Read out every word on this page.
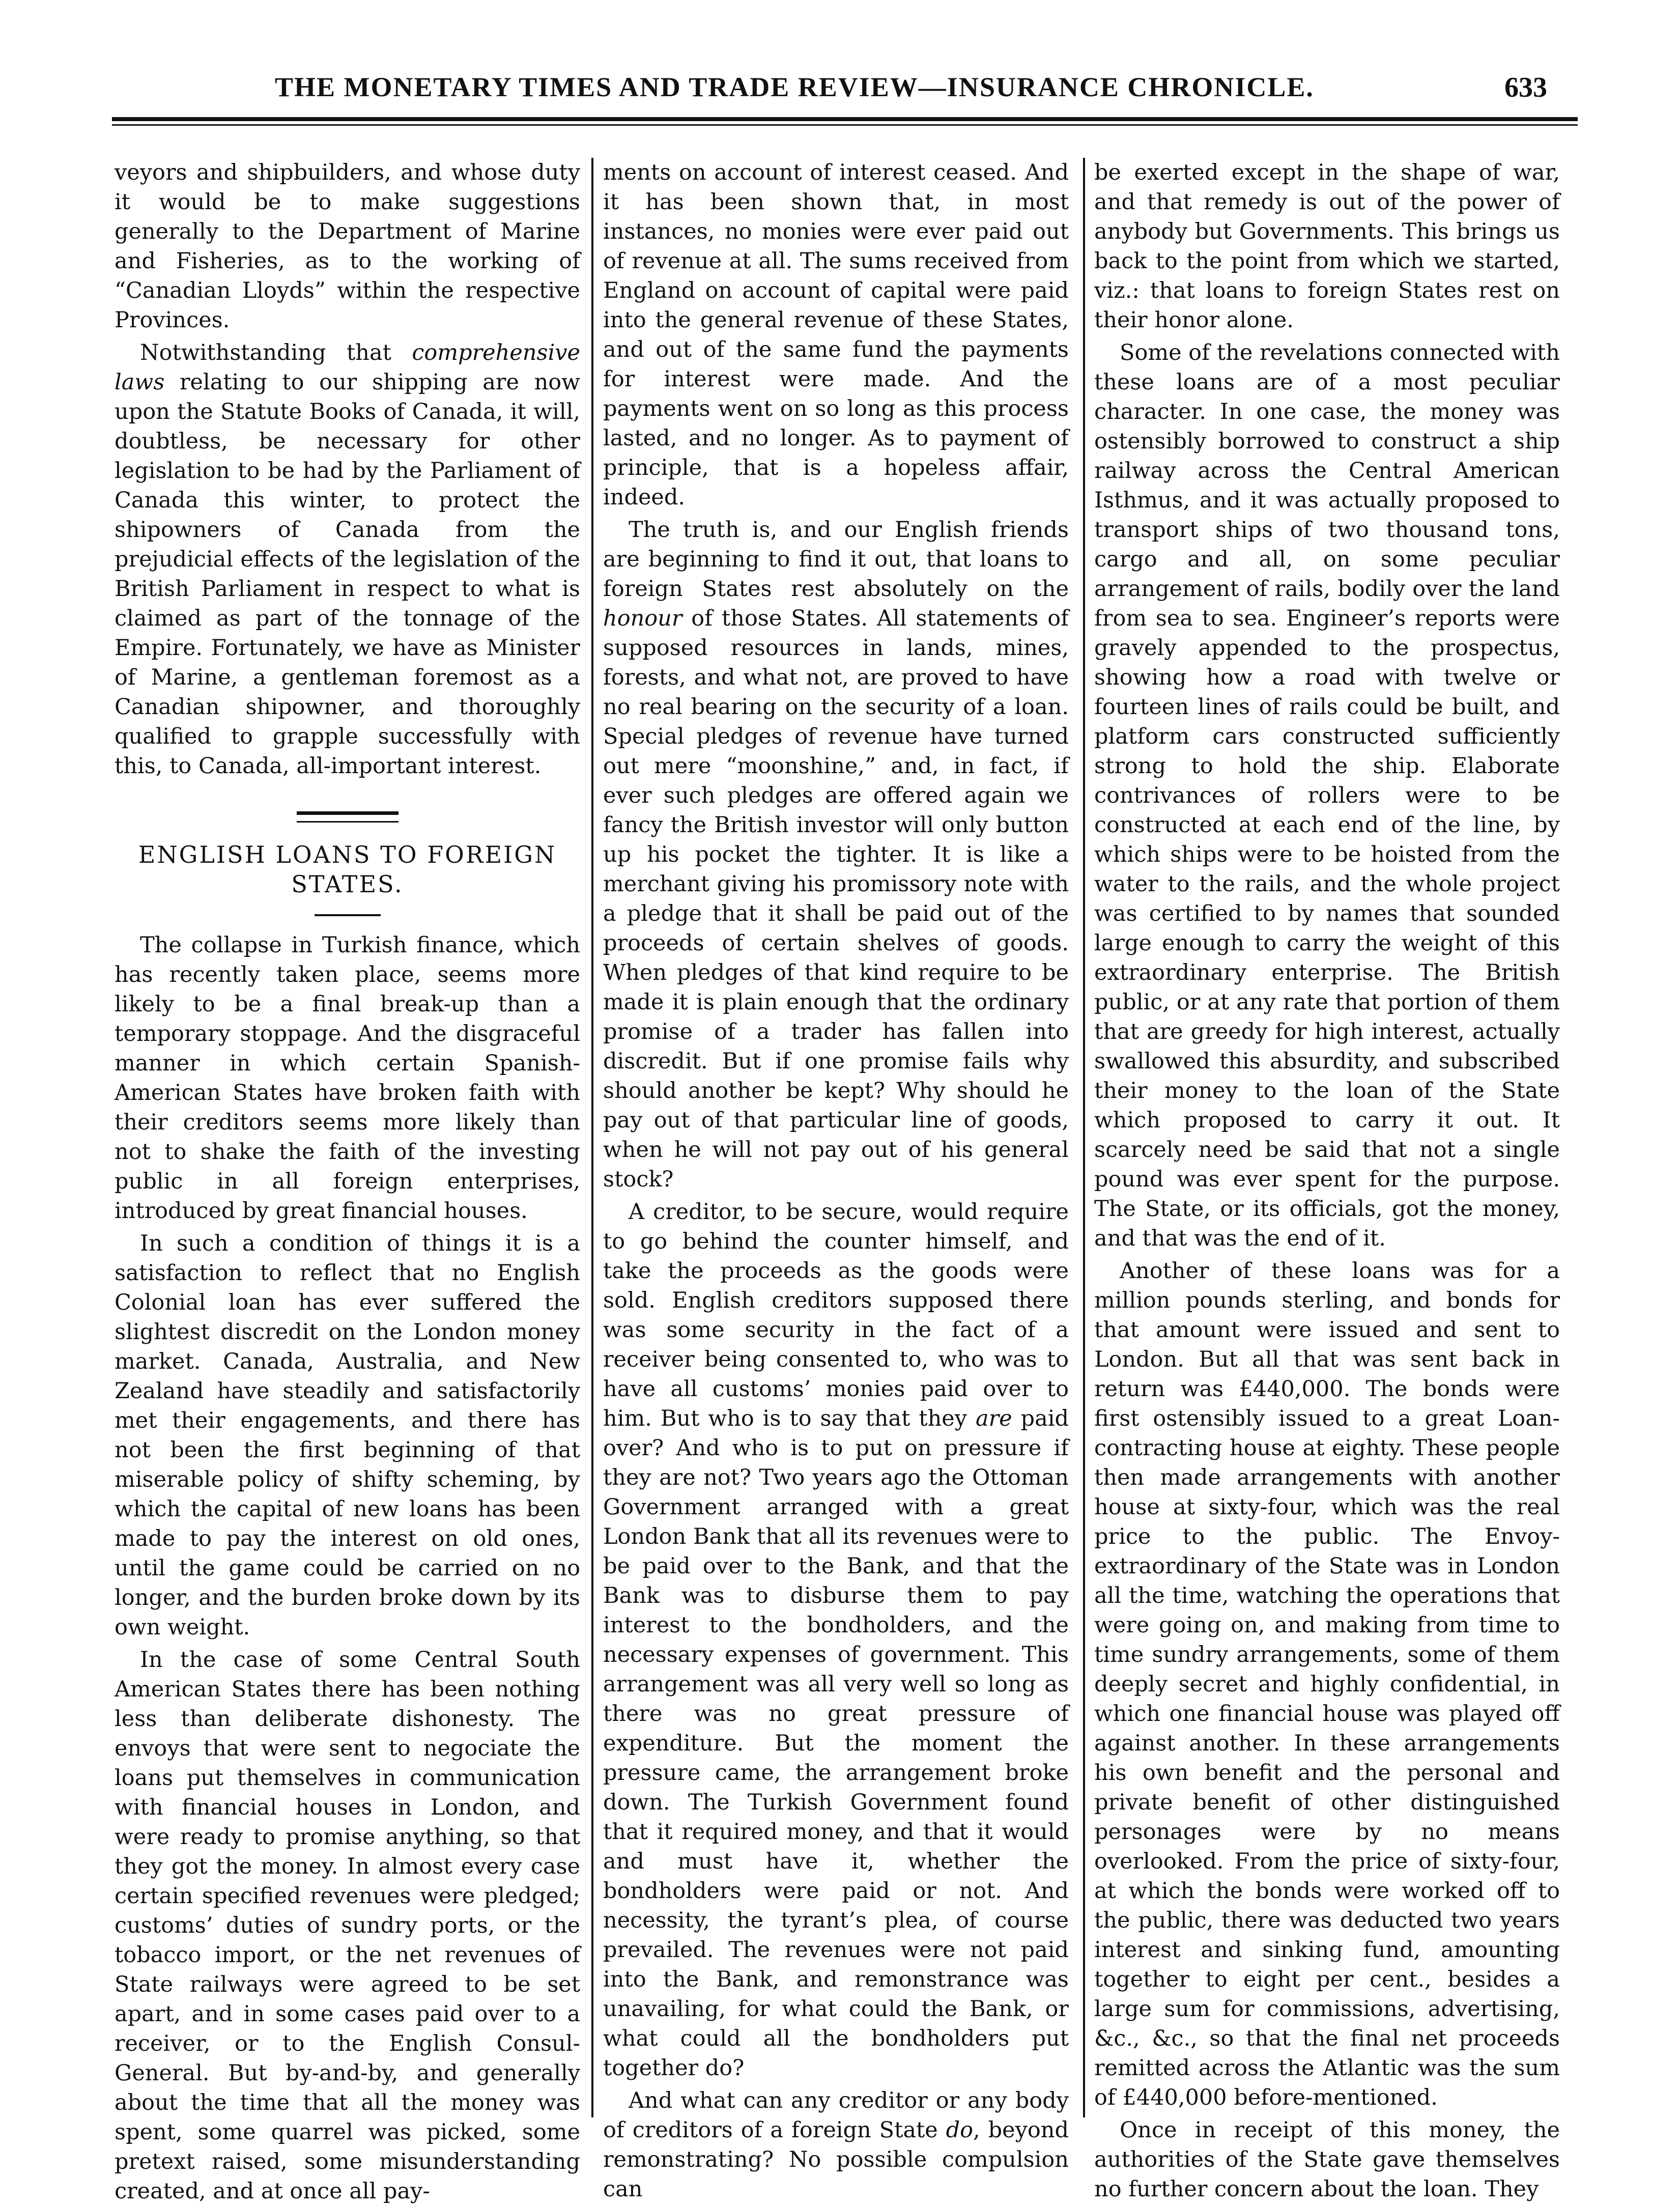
THE MONETARY TIMES AND TRADE REVIEW—INSURANCE CHRONICLE.	633

veyors and shipbuilders, and whose duty it would be to make suggestions generally to the Department of Marine and Fisheries, as to the working of “Canadian Lloyds” within the respective Provinces.

Notwithstanding that comprehensive laws relating to our shipping are now upon the Statute Books of Canada, it will, doubtless, be necessary for other legislation to be had by the Parliament of Canada this winter, to protect the shipowners of Canada from the prejudicial effects of the legislation of the British Parliament in respect to what is claimed as part of the tonnage of the Empire. Fortunately, we have as Minister of Marine, a gentleman foremost as a Canadian shipowner, and thoroughly qualified to grapple successfully with this, to Canada, all-important interest.

ENGLISH LOANS TO FOREIGN STATES.

The collapse in Turkish finance, which has recently taken place, seems more likely to be a final break-up than a temporary stoppage. And the disgraceful manner in which certain Spanish-American States have broken faith with their creditors seems more likely than not to shake the faith of the investing public in all foreign enterprises, introduced by great financial houses.

In such a condition of things it is a satisfaction to reflect that no English Colonial loan has ever suffered the slightest discredit on the London money market. Canada, Australia, and New Zealand have steadily and satisfactorily met their engagements, and there has not been the first beginning of that miserable policy of shifty scheming, by which the capital of new loans has been made to pay the interest on old ones, until the game could be carried on no longer, and the burden broke down by its own weight.

In the case of some Central South American States there has been nothing less than deliberate dishonesty. The envoys that were sent to negociate the loans put themselves in communication with financial houses in London, and were ready to promise anything, so that they got the money. In almost every case certain specified revenues were pledged; customs’ duties of sundry ports, or the tobacco import, or the net revenues of State railways were agreed to be set apart, and in some cases paid over to a receiver, or to the English Consul-General. But by-and-by, and generally about the time that all the money was spent, some quarrel was picked, some pretext raised, some misunderstanding created, and at once all pay-

ments on account of interest ceased. And it has been shown that, in most instances, no monies were ever paid out of revenue at all. The sums received from England on account of capital were paid into the general revenue of these States, and out of the same fund the payments for interest were made. And the payments went on so long as this process lasted, and no longer. As to payment of principle, that is a hopeless affair, indeed.

The truth is, and our English friends are beginning to find it out, that loans to foreign States rest absolutely on the honour of those States. All statements of supposed resources in lands, mines, forests, and what not, are proved to have no real bearing on the security of a loan. Special pledges of revenue have turned out mere “moonshine,” and, in fact, if ever such pledges are offered again we fancy the British investor will only button up his pocket the tighter. It is like a merchant giving his promissory note with a pledge that it shall be paid out of the proceeds of certain shelves of goods. When pledges of that kind require to be made it is plain enough that the ordinary promise of a trader has fallen into discredit. But if one promise fails why should another be kept? Why should he pay out of that particular line of goods, when he will not pay out of his general stock?

A creditor, to be secure, would require to go behind the counter himself, and take the proceeds as the goods were sold. English creditors supposed there was some security in the fact of a receiver being consented to, who was to have all customs’ monies paid over to him. But who is to say that they are paid over? And who is to put on pressure if they are not? Two years ago the Ottoman Government arranged with a great London Bank that all its revenues were to be paid over to the Bank, and that the Bank was to disburse them to pay interest to the bondholders, and the necessary expenses of government. This arrangement was all very well so long as there was no great pressure of expenditure. But the moment the pressure came, the arrangement broke down. The Turkish Government found that it required money, and that it would and must have it, whether the bondholders were paid or not. And necessity, the tyrant’s plea, of course prevailed. The revenues were not paid into the Bank, and remonstrance was unavailing, for what could the Bank, or what could all the bondholders put together do?

And what can any creditor or any body of creditors of a foreign State do, beyond remonstrating? No possible compulsion can

be exerted except in the shape of war, and that remedy is out of the power of anybody but Governments. This brings us back to the point from which we started, viz.: that loans to foreign States rest on their honor alone.

Some of the revelations connected with these loans are of a most peculiar character. In one case, the money was ostensibly borrowed to construct a ship railway across the Central American Isthmus, and it was actually proposed to transport ships of two thousand tons, cargo and all, on some peculiar arrangement of rails, bodily over the land from sea to sea. Engineer’s reports were gravely appended to the prospectus, showing how a road with twelve or fourteen lines of rails could be built, and platform cars constructed sufficiently strong to hold the ship. Elaborate contrivances of rollers were to be constructed at each end of the line, by which ships were to be hoisted from the water to the rails, and the whole project was certified to by names that sounded large enough to carry the weight of this extraordinary enterprise. The British public, or at any rate that portion of them that are greedy for high interest, actually swallowed this absurdity, and subscribed their money to the loan of the State which proposed to carry it out. It scarcely need be said that not a single pound was ever spent for the purpose. The State, or its officials, got the money, and that was the end of it.

Another of these loans was for a million pounds sterling, and bonds for that amount were issued and sent to London. But all that was sent back in return was £440,000. The bonds were first ostensibly issued to a great Loan-contracting house at eighty. These people then made arrangements with another house at sixty-four, which was the real price to the public. The Envoy-extraordinary of the State was in London all the time, watching the operations that were going on, and making from time to time sundry arrangements, some of them deeply secret and highly confidential, in which one financial house was played off against another. In these arrangements his own benefit and the personal and private benefit of other distinguished personages were by no means overlooked. From the price of sixty-four, at which the bonds were worked off to the public, there was deducted two years interest and sinking fund, amounting together to eight per cent., besides a large sum for commissions, advertising, &c., &c., so that the final net proceeds remitted across the Atlantic was the sum of £440,000 before-mentioned.

Once in receipt of this money, the authorities of the State gave themselves no further concern about the loan. They
